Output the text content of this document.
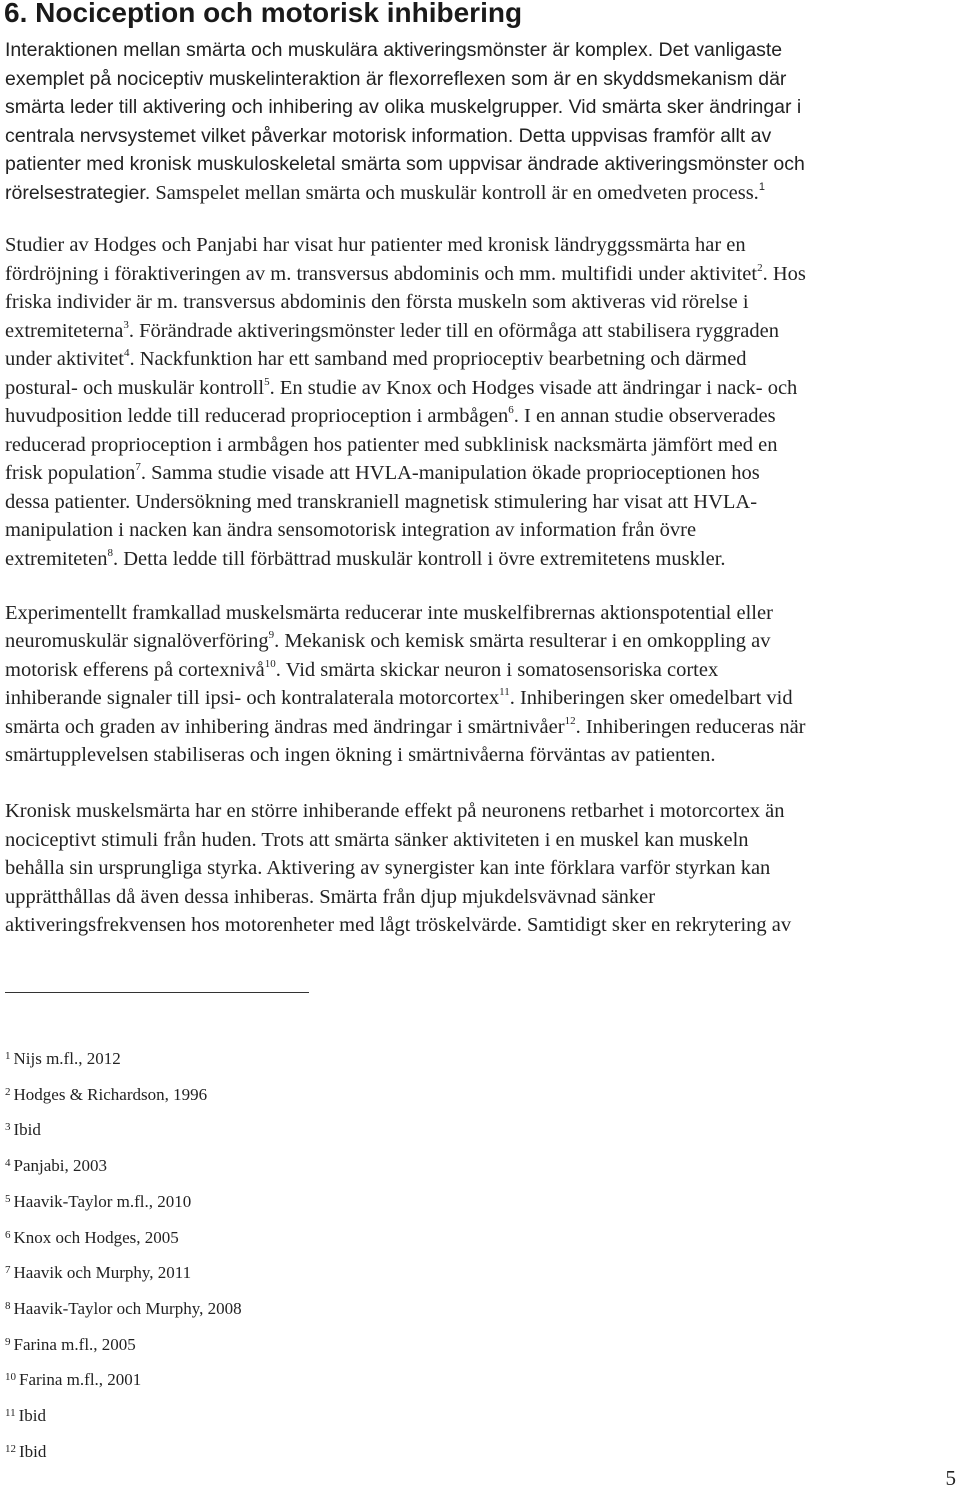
6. Nociception och motorisk inhibering
Interaktionen mellan smärta och muskulära aktiveringsmönster är komplex. Det vanligaste
exemplet på nociceptiv muskelinteraktion är flexorreflexen som är en skyddsmekanism där
smärta leder till aktivering och inhibering av olika muskelgrupper. Vid smärta sker ändringar i
centrala nervsystemet vilket påverkar motorisk information. Detta uppvisas framför allt av
patienter med kronisk muskuloskeletal smärta som uppvisar ändrade aktiveringsmönster och
rörelsestrategier. Samspelet mellan smärta och muskulär kontroll är en omedveten process.$^1$
Studier av Hodges och Panjabi har visat hur patienter med kronisk ländryggssmärta har en
fördröjning i föraktiveringen av m. transversus abdominis och mm. multifidi under aktivitet$^2$. Hos
friska individer är m. transversus abdominis den första muskeln som aktiveras vid rörelse i
extremiteterna$^3$. Förändrade aktiveringsmönster leder till en oförmåga att stabilisera ryggraden
under aktivitet$^4$. Nackfunktion har ett samband med proprioceptiv bearbetning och därmed
postural- och muskulär kontroll$^5$. En studie av Knox och Hodges visade att ändringar i nack- och
huvudposition ledde till reducerad proprioception i armbågen$^6$. I en annan studie observerades
reducerad proprioception i armbågen hos patienter med subklinisk nacksmärta jämfört med en
frisk population$^7$. Samma studie visade att HVLA-manipulation ökade proprioceptionen hos
dessa patienter. Undersökning med transkraniell magnetisk stimulering har visat att HVLA-
manipulation i nacken kan ändra sensomotorisk integration av information från övre
extremiteten$^8$. Detta ledde till förbättrad muskulär kontroll i övre extremitetens muskler.
Experimentellt framkallad muskelsmärta reducerar inte muskelfibrernas aktionspotential eller
neuromuskulär signalöverföring$^9$. Mekanisk och kemisk smärta resulterar i en omkoppling av
motorisk efferens på cortexnivå$^{10}$. Vid smärta skickar neuron i somatosensoriska cortex
inhiberande signaler till ipsi- och kontralaterala motorcortex$^{11}$. Inhiberingen sker omedelbart vid
smärta och graden av inhibering ändras med ändringar i smärtnivåer$^{12}$. Inhiberingen reduceras när
smärtupplevelsen stabiliseras och ingen ökning i smärtnivåerna förväntas av patienten.
Kronisk muskelsmärta har en större inhiberande effekt på neuronens retbarhet i motorcortex än
nociceptivt stimuli från huden. Trots att smärta sänker aktiviteten i en muskel kan muskeln
behålla sin ursprungliga styrka. Aktivering av synergister kan inte förklara varför styrkan kan
upprätthållas då även dessa inhiberas. Smärta från djup mjukdelsvävnad sänker
aktiveringsfrekvensen hos motorenheter med lågt tröskelvärde. Samtidigt sker en rekrytering av
$^1$ Nijs m.fl., 2012
$^2$ Hodges & Richardson, 1996
$^3$ Ibid
$^4$ Panjabi, 2003
$^5$ Haavik-Taylor m.fl., 2010
$^6$ Knox och Hodges, 2005
$^7$ Haavik och Murphy, 2011
$^8$ Haavik-Taylor och Murphy, 2008
$^9$ Farina m.fl., 2005
$^{10}$ Farina m.fl., 2001
$^{11}$ Ibid
$^{12}$ Ibid
5
